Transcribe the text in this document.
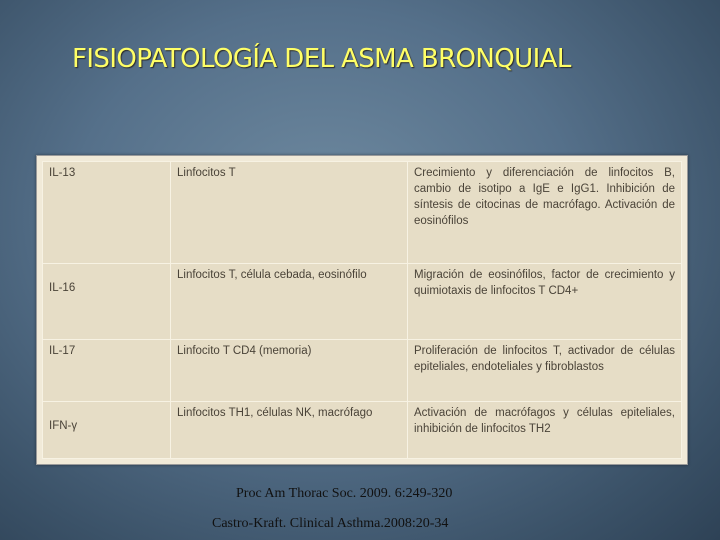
FISIOPATOLOGÍA DEL ASMA BRONQUIAL
IL-13	Linfocitos T	Crecimiento y diferenciación de linfocitos B, cambio de isotipo a IgE e IgG1. Inhibición de síntesis de citocinas de macrófago. Activación de eosinófilos
IL-16	Linfocitos T, célula cebada, eosinófilo	Migración de eosinófilos, factor de crecimiento y quimiotaxis de linfocitos T CD4+
IL-17	Linfocito T CD4 (memoria)	Proliferación de linfocitos T, activador de células epiteliales, endoteliales y fibroblastos
IFN-γ	Linfocitos TH1, células NK, macrófago	Activación de macrófagos y células epiteliales, inhibición de linfocitos TH2
Proc Am Thorac Soc. 2009. 6:249-320
Castro-Kraft. Clinical Asthma.2008:20-34
